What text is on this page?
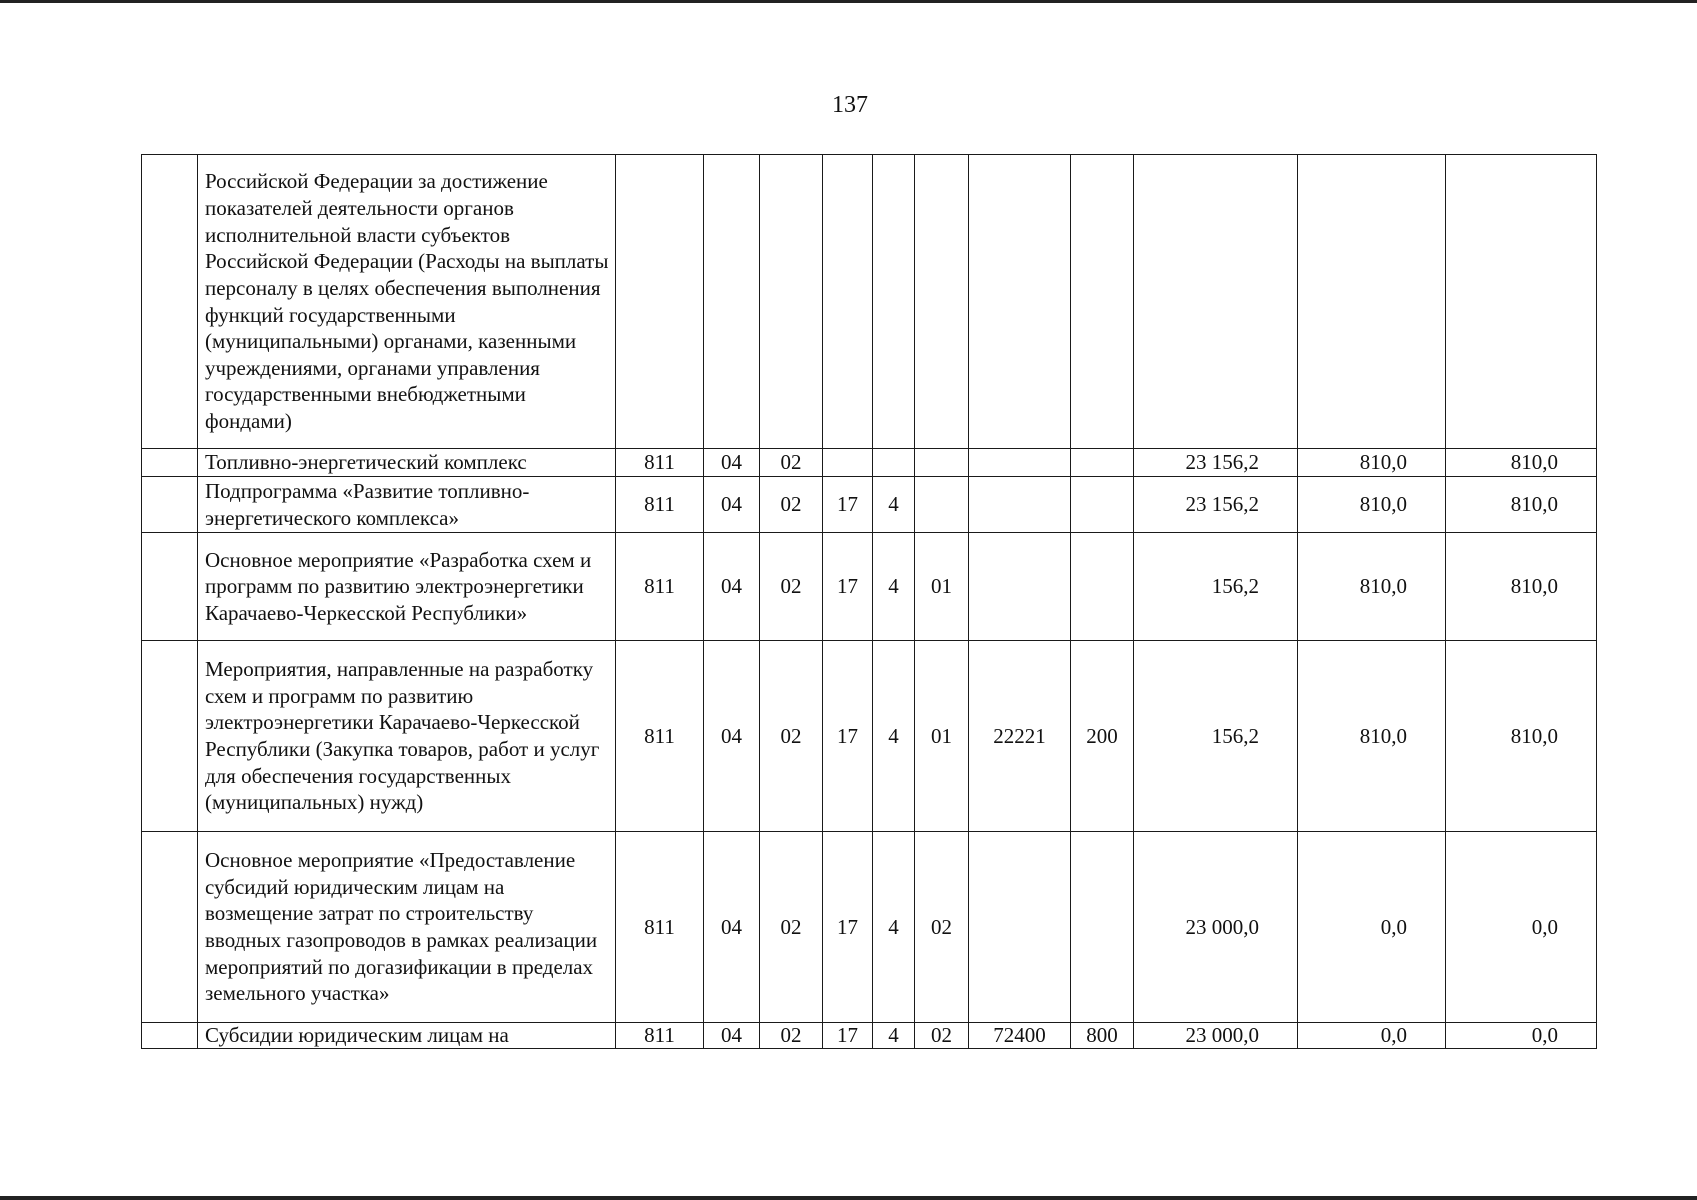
137
	Российской Федерации за достижение показателей деятельности органов исполнительной власти субъектов Российской Федерации (Расходы на выплаты персоналу в целях обеспечения выполнения функций государственными (муниципальными) органами, казенными учреждениями, органами управления государственными внебюджетными фондами)											
	Топливно-энергетический комплекс	811	04	02						23 156,2	810,0	810,0
	Подпрограмма «Развитие топливно-энергетического комплекса»	811	04	02	17	4				23 156,2	810,0	810,0
	Основное мероприятие «Разработка схем и программ по развитию электроэнергетики Карачаево-Черкесской Республики»	811	04	02	17	4	01			156,2	810,0	810,0
	Мероприятия, направленные на разработку схем и программ по развитию электроэнергетики Карачаево-Черкесской Республики (Закупка товаров, работ и услуг для обеспечения государственных (муниципальных) нужд)	811	04	02	17	4	01	22221	200	156,2	810,0	810,0
	Основное мероприятие «Предоставление субсидий юридическим лицам на возмещение затрат по строительству вводных газопроводов в рамках реализации мероприятий по догазификации в пределах земельного участка»	811	04	02	17	4	02			23 000,0	0,0	0,0
	Субсидии юридическим лицам на	811	04	02	17	4	02	72400	800	23 000,0	0,0	0,0
